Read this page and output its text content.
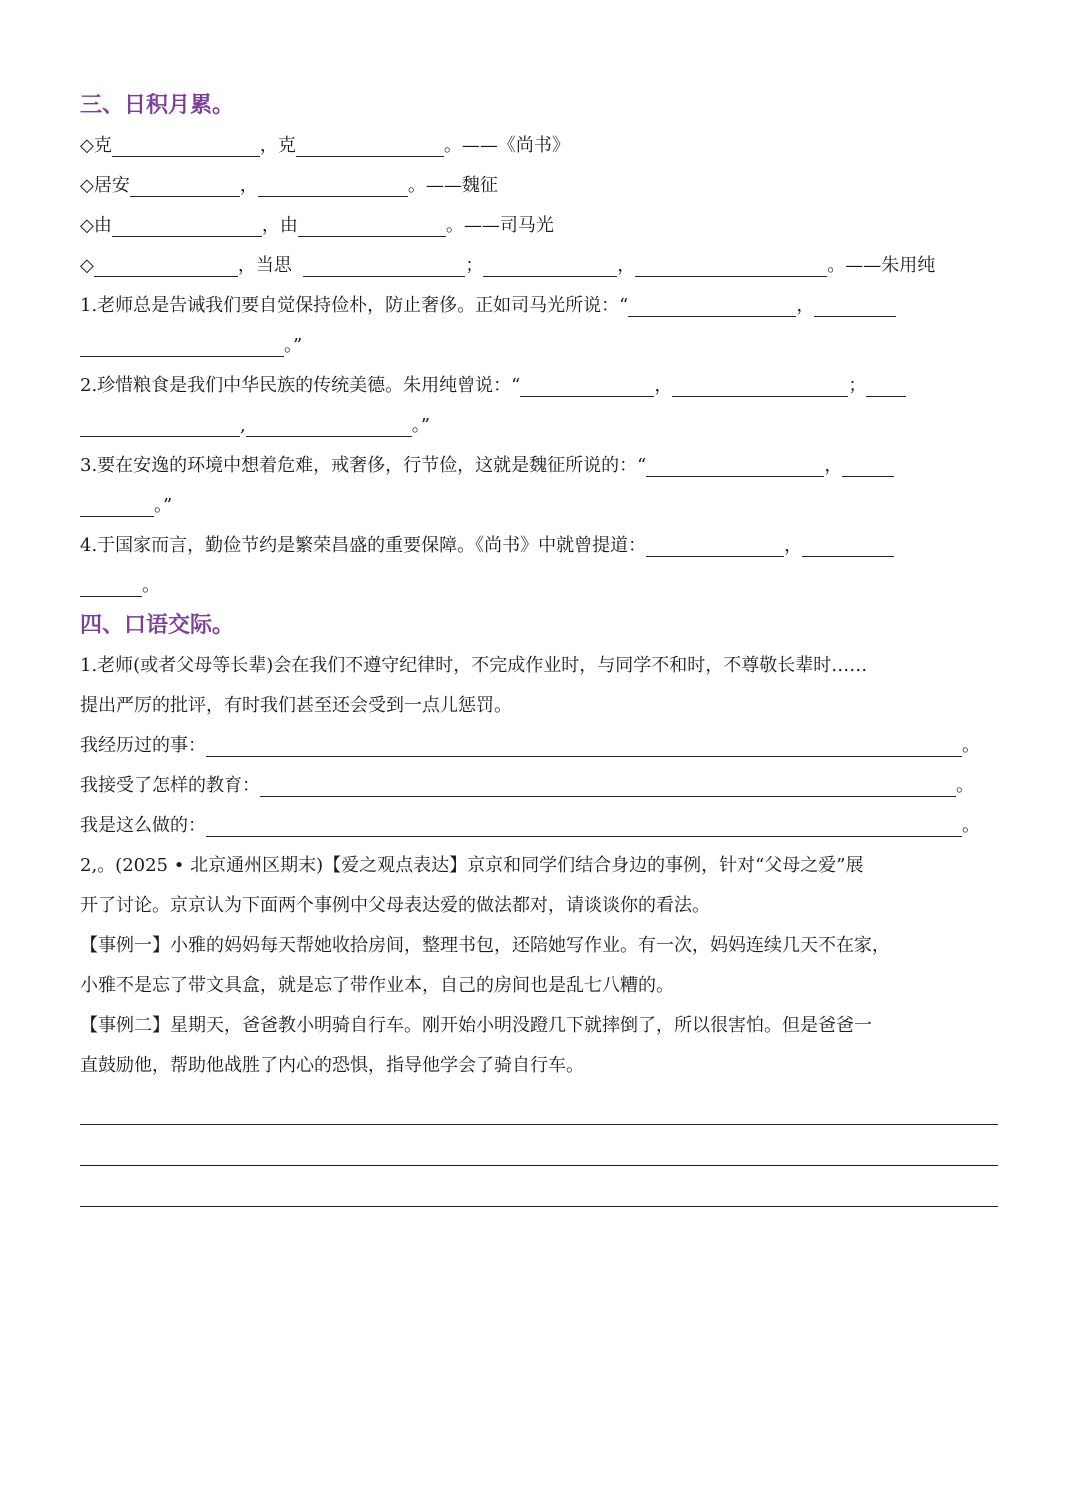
三、日积月累。
◇克	，克	。——《尚书》
◇居安	，	。——魏征
◇由	，由	。——司马光
◇	，当思	；	，	。——朱用纯
1.老师总是告诫我们要自觉保持俭朴，防止奢侈。正如司马光所说：“	，
。”
2.珍惜粮食是我们中华民族的传统美德。朱用纯曾说：“	，	；
,	。”
3.要在安逸的环境中想着危难，戒奢侈，行节俭，这就是魏征所说的：“	，
。”
4.于国家而言，勤俭节约是繁荣昌盛的重要保障。《尚书》中就曾提道：	，
。
四、口语交际。
1.老师(或者父母等长辈)会在我们不遵守纪律时，不完成作业时，与同学不和时，不尊敬长辈时……
提出严厉的批评，有时我们甚至还会受到一点儿惩罚。
我经历过的事：	。
我接受了怎样的教育：	。
我是这么做的：	。
2,。(2025 • 北京通州区期末)【爱之观点表达】京京和同学们结合身边的事例，针对“父母之爱”展
开了讨论。京京认为下面两个事例中父母表达爱的做法都对，请谈谈你的看法。
【事例一】小雅的妈妈每天帮她收拾房间，整理书包，还陪她写作业。有一次，妈妈连续几天不在家，
小雅不是忘了带文具盒，就是忘了带作业本，自己的房间也是乱七八糟的。
【事例二】星期天，爸爸教小明骑自行车。刚开始小明没蹬几下就摔倒了，所以很害怕。但是爸爸一
直鼓励他，帮助他战胜了内心的恐惧，指导他学会了骑自行车。
